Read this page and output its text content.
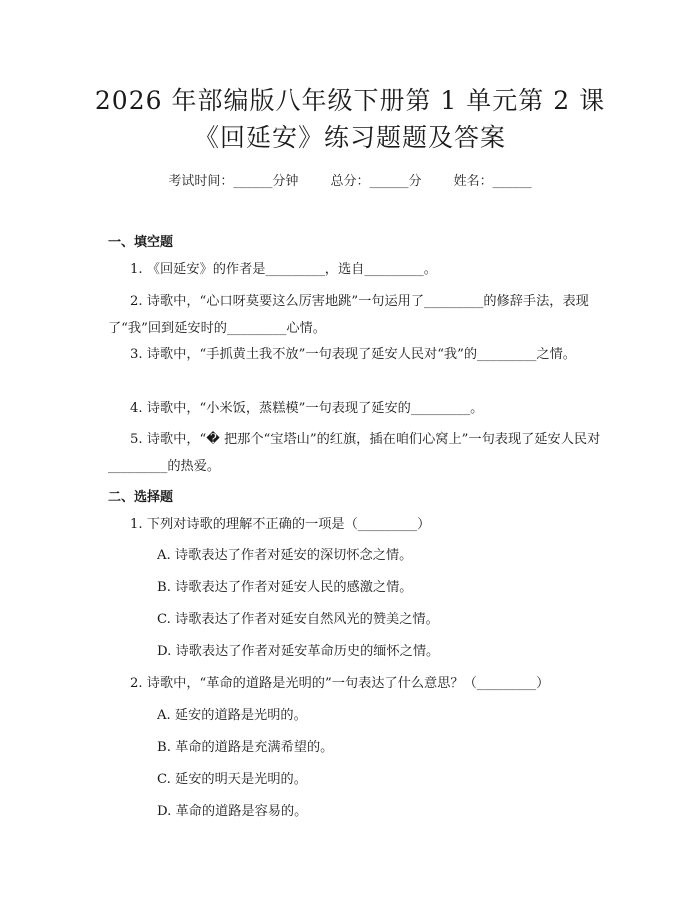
2026 年部编版八年级下册第 1 单元第 2 课
《回延安》练习题题及答案
考试时间：______分钟 总分：______分 姓名：______
一、填空题
1. 《回延安》的作者是_________，选自_________。
2. 诗歌中，“心口呀莫要这么厉害地跳”一句运用了_________的修辞手法，表现了“我”回到延安时的_________心情。
3. 诗歌中，“手抓黄土我不放”一句表现了延安人民对“我”的_________之情。
4. 诗歌中，“小米饭，蒸糕模”一句表现了延安的_________。
5. 诗歌中，“� 把那个“宝塔山”的红旗，插在咱们心窝上”一句表现了延安人民对_________的热爱。
二、选择题
1. 下列对诗歌的理解不正确的一项是（_________）
A. 诗歌表达了作者对延安的深切怀念之情。
B. 诗歌表达了作者对延安人民的感激之情。
C. 诗歌表达了作者对延安自然风光的赞美之情。
D. 诗歌表达了作者对延安革命历史的缅怀之情。
2. 诗歌中，“革命的道路是光明的”一句表达了什么意思？（_________）
A. 延安的道路是光明的。
B. 革命的道路是充满希望的。
C. 延安的明天是光明的。
D. 革命的道路是容易的。
